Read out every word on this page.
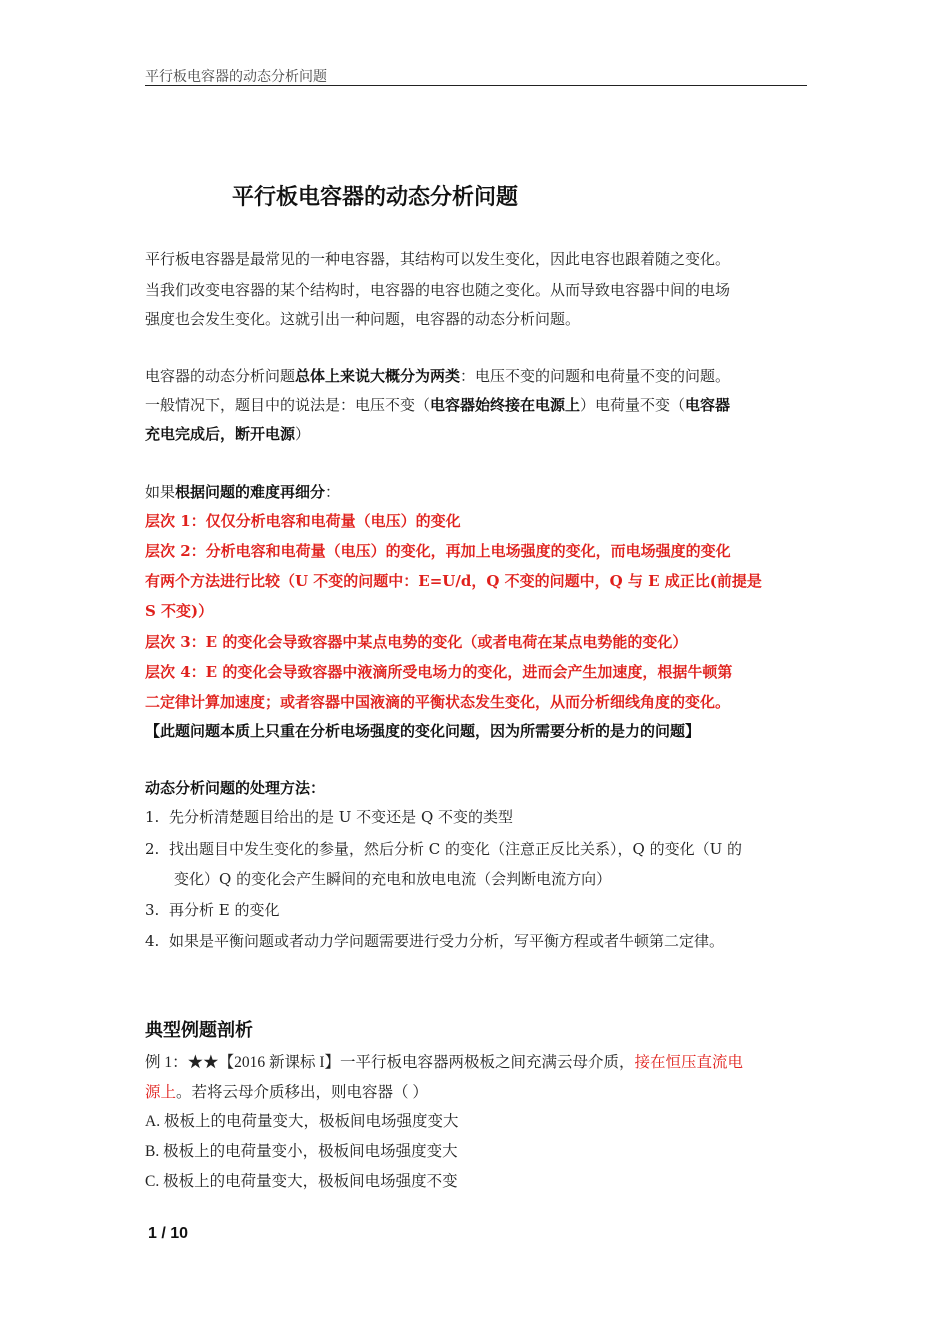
平行板电容器的动态分析问题
平行板电容器的动态分析问题
平行板电容器是最常见的一种电容器，其结构可以发生变化，因此电容也跟着随之变化。
当我们改变电容器的某个结构时，电容器的电容也随之变化。从而导致电容器中间的电场
强度也会发生变化。这就引出一种问题，电容器的动态分析问题。
电容器的动态分析问题总体上来说大概分为两类：电压不变的问题和电荷量不变的问题。
一般情况下，题目中的说法是：电压不变（电容器始终接在电源上）电荷量不变（电容器
充电完成后，断开电源）
如果根据问题的难度再细分：
层次 1：仅仅分析电容和电荷量（电压）的变化
层次 2：分析电容和电荷量（电压）的变化，再加上电场强度的变化，而电场强度的变化
有两个方法进行比较（U 不变的问题中：E=U/d，Q 不变的问题中，Q 与 E 成正比(前提是
S 不变)）
层次 3：E 的变化会导致容器中某点电势的变化（或者电荷在某点电势能的变化）
层次 4：E 的变化会导致容器中液滴所受电场力的变化，进而会产生加速度，根据牛顿第
二定律计算加速度；或者容器中国液滴的平衡状态发生变化，从而分析细线角度的变化。
【此题问题本质上只重在分析电场强度的变化问题，因为所需要分析的是力的问题】
动态分析问题的处理方法：
1. 先分析清楚题目给出的是 U 不变还是 Q 不变的类型
2. 找出题目中发生变化的参量，然后分析 C 的变化（注意正反比关系），Q 的变化（U 的
变化）Q 的变化会产生瞬间的充电和放电电流（会判断电流方向）
3. 再分析 E 的变化
4. 如果是平衡问题或者动力学问题需要进行受力分析，写平衡方程或者牛顿第二定律。
典型例题剖析
例 1：★★【2016 新课标 I】一平行板电容器两极板之间充满云母介质，接在恒压直流电
源上。若将云母介质移出，则电容器（ ）
A. 极板上的电荷量变大，极板间电场强度变大
B. 极板上的电荷量变小，极板间电场强度变大
C. 极板上的电荷量变大，极板间电场强度不变
1 / 10
